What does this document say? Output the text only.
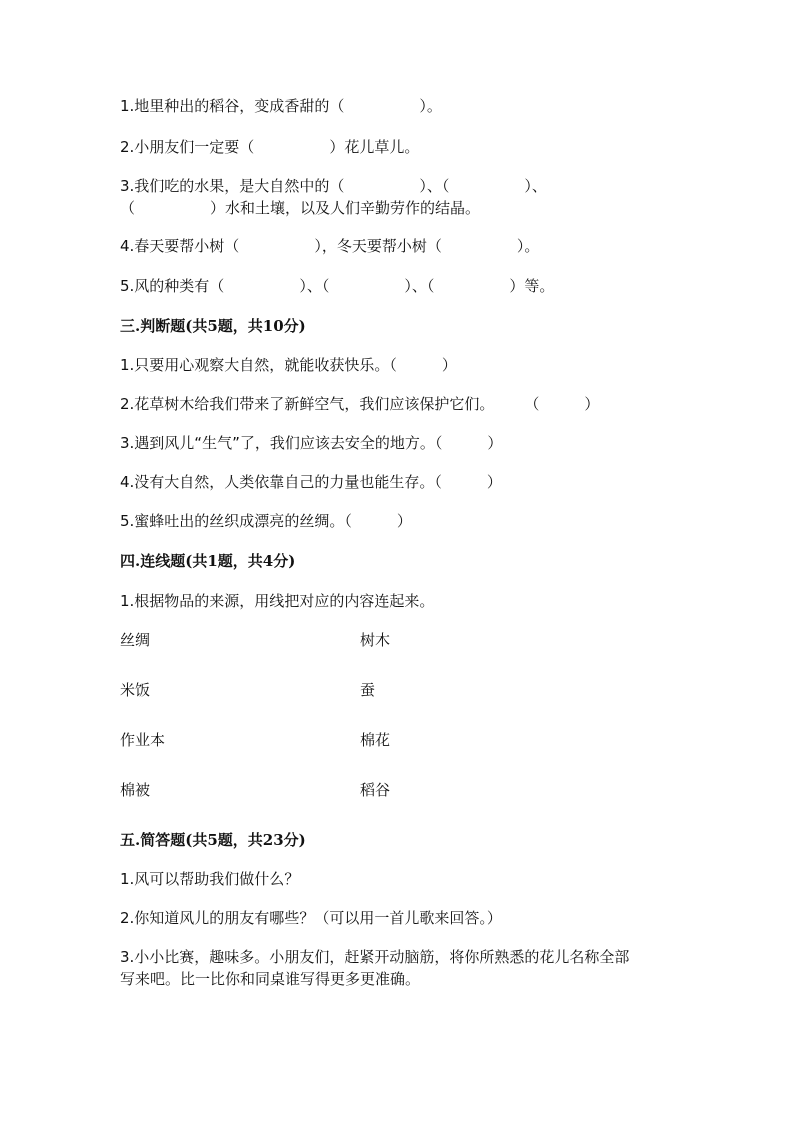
1.地里种出的稻谷，变成香甜的（　　　　　）。
2.小朋友们一定要（　　　　　）花儿草儿。
3.我们吃的水果，是大自然中的（　　　　　）、（　　　　　）、
（　　　　　）水和土壤，以及人们辛勤劳作的结晶。
4.春天要帮小树（　　　　　），冬天要帮小树（　　　　　）。
5.风的种类有（　　　　　）、（　　　　　）、（　　　　　）等。
三.判断题(共5题，共10分)
1.只要用心观察大自然，就能收获快乐。（　　　）
2.花草树木给我们带来了新鲜空气，我们应该保护它们。　　　（　　　）
3.遇到风儿“生气”了，我们应该去安全的地方。（　　　）
4.没有大自然，人类依靠自己的力量也能生存。（　　　）
5.蜜蜂吐出的丝织成漂亮的丝绸。（　　　）
四.连线题(共1题，共4分)
1.根据物品的来源，用线把对应的内容连起来。
丝绸	树木
米饭	蚕
作业本	棉花
棉被	稻谷
五.简答题(共5题，共23分)
1.风可以帮助我们做什么？
2.你知道风儿的朋友有哪些？（可以用一首儿歌来回答。）
3.小小比赛，趣味多。小朋友们，赶紧开动脑筋，将你所熟悉的花儿名称全部
写来吧。比一比你和同桌谁写得更多更准确。
